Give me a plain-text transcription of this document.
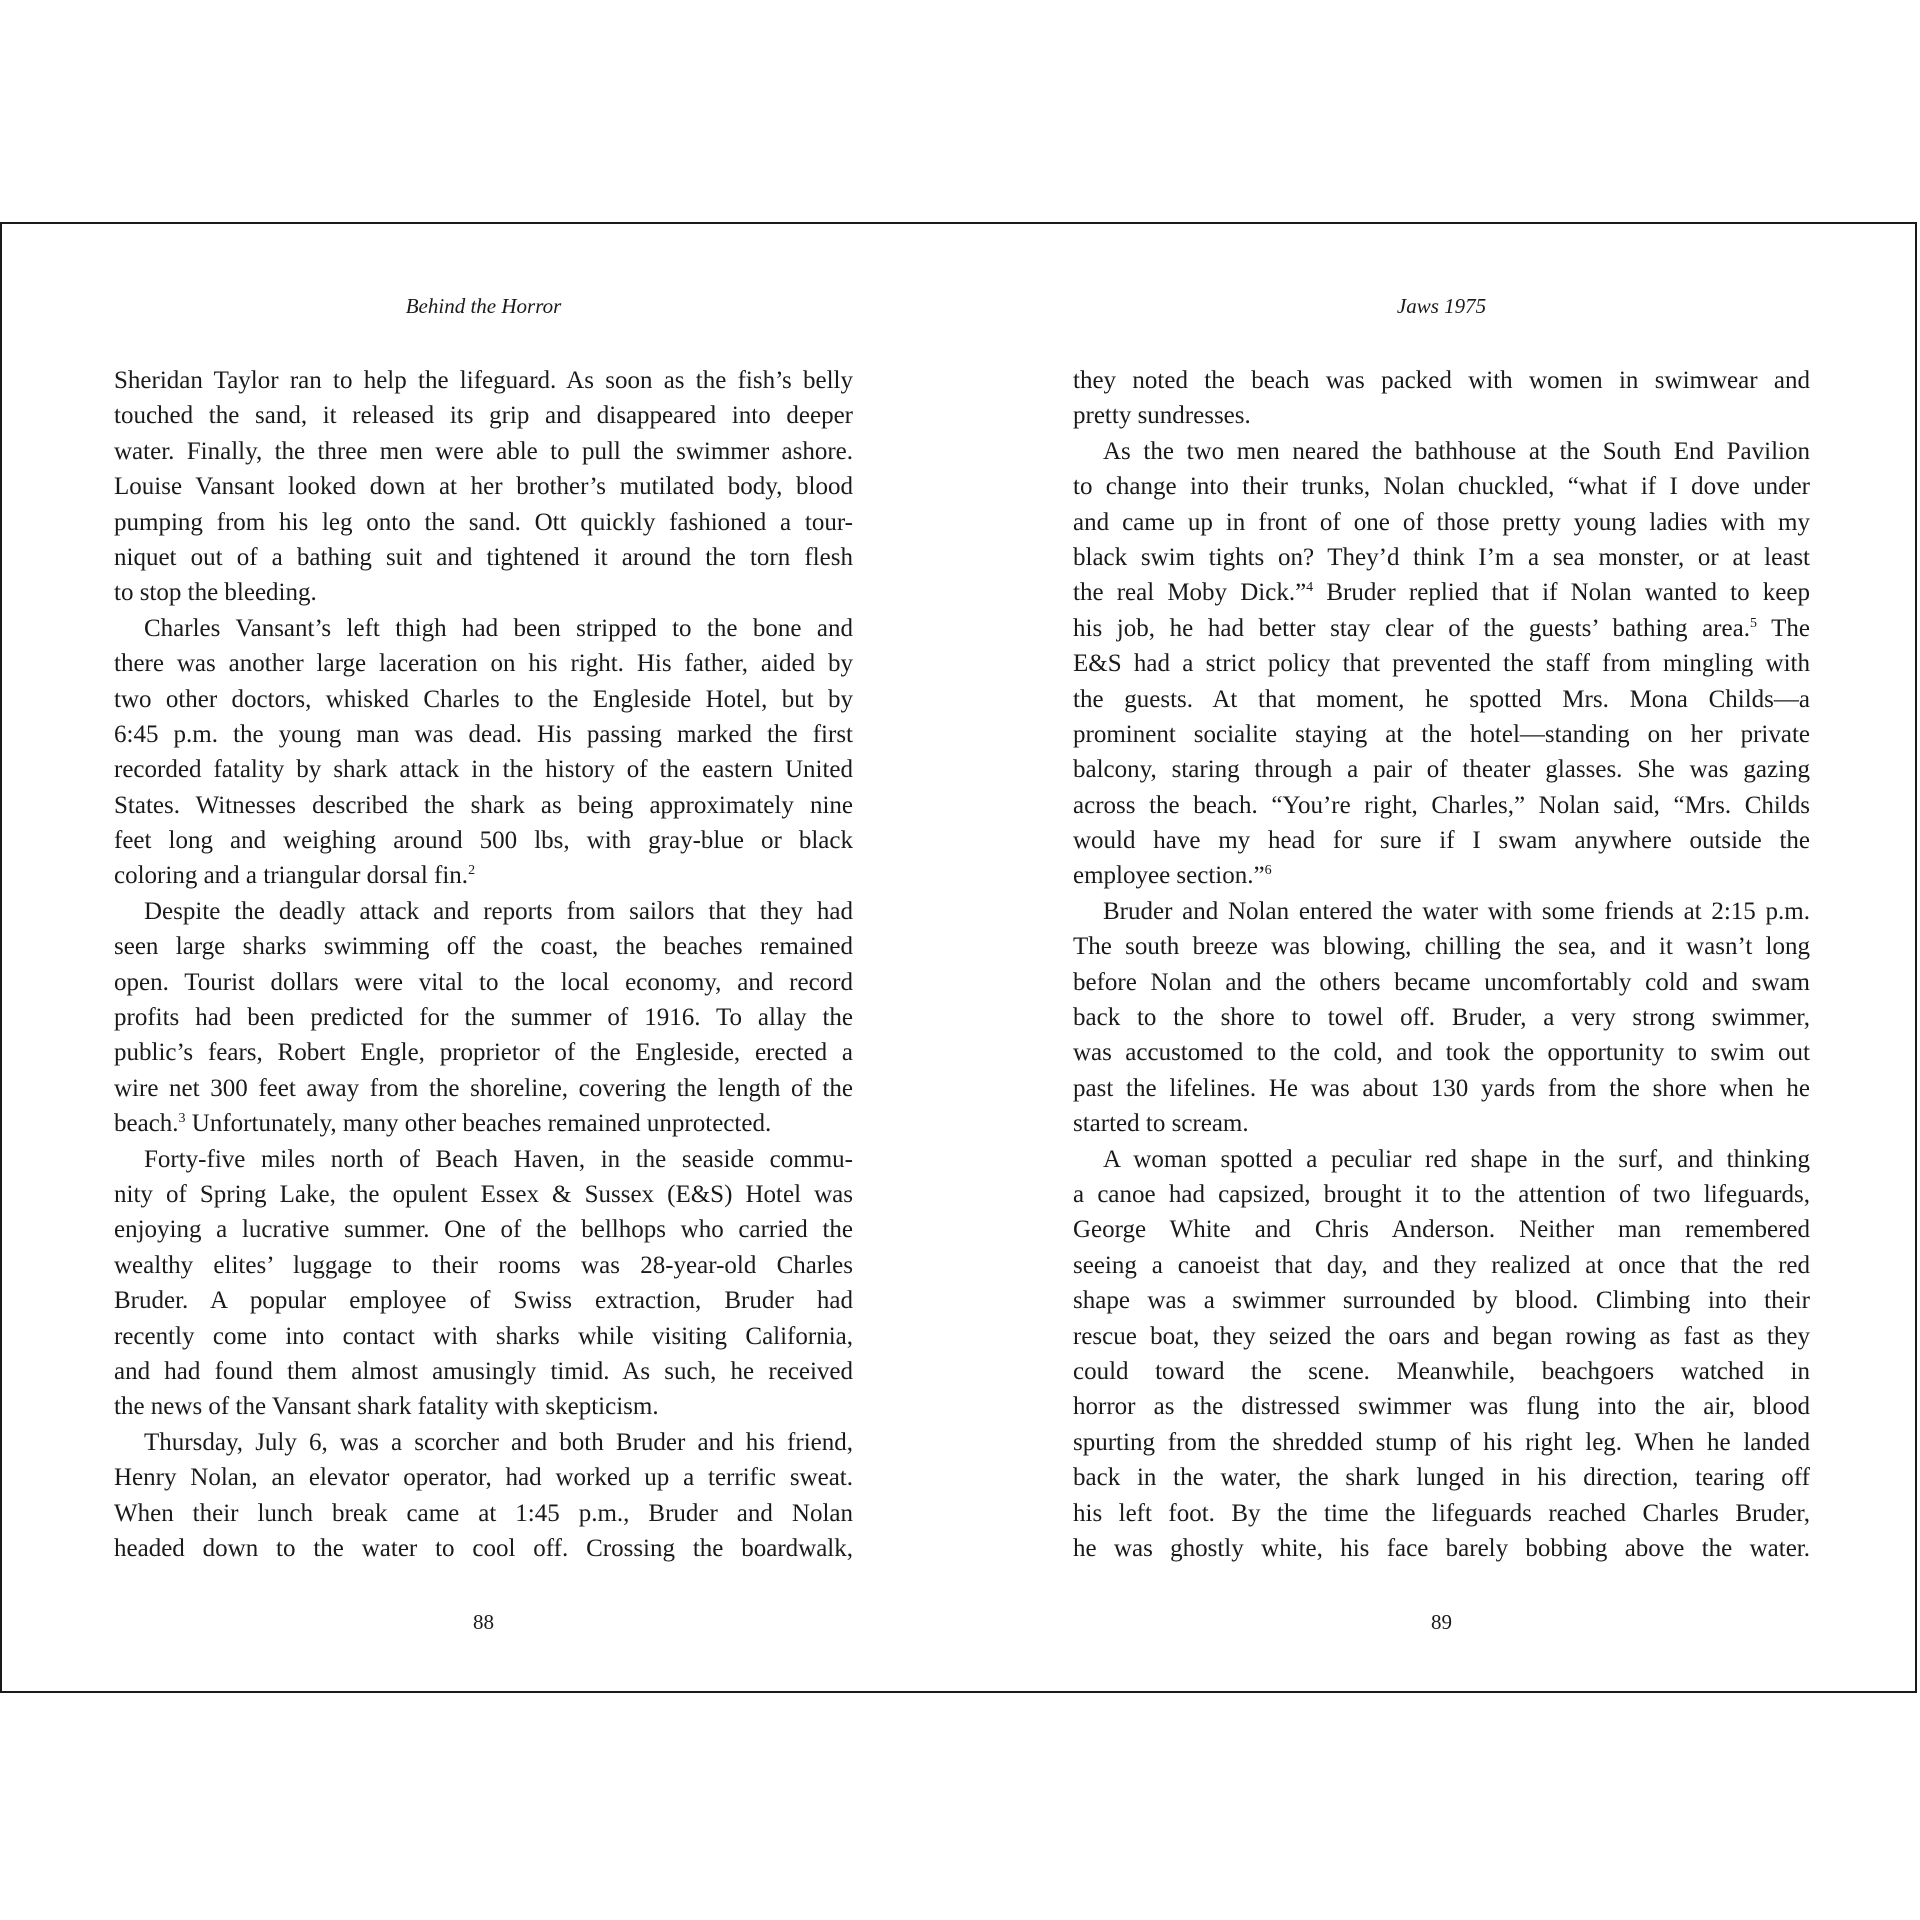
Behind the Horror

Sheridan Taylor ran to help the lifeguard. As soon as the fish’s belly
touched the sand, it released its grip and disappeared into deeper
water. Finally, the three men were able to pull the swimmer ashore.
Louise Vansant looked down at her brother’s mutilated body, blood
pumping from his leg onto the sand. Ott quickly fashioned a tour-
niquet out of a bathing suit and tightened it around the torn flesh
to stop the bleeding.
Charles Vansant’s left thigh had been stripped to the bone and
there was another large laceration on his right. His father, aided by
two other doctors, whisked Charles to the Engleside Hotel, but by
6:45 p.m. the young man was dead. His passing marked the first
recorded fatality by shark attack in the history of the eastern United
States. Witnesses described the shark as being approximately nine
feet long and weighing around 500 lbs, with gray-blue or black
coloring and a triangular dorsal fin.$^2$
Despite the deadly attack and reports from sailors that they had
seen large sharks swimming off the coast, the beaches remained
open. Tourist dollars were vital to the local economy, and record
profits had been predicted for the summer of 1916. To allay the
public’s fears, Robert Engle, proprietor of the Engleside, erected a
wire net 300 feet away from the shoreline, covering the length of the
beach.$^3$ Unfortunately, many other beaches remained unprotected.
Forty-five miles north of Beach Haven, in the seaside commu-
nity of Spring Lake, the opulent Essex & Sussex (E&S) Hotel was
enjoying a lucrative summer. One of the bellhops who carried the
wealthy elites’ luggage to their rooms was 28-year-old Charles
Bruder. A popular employee of Swiss extraction, Bruder had
recently come into contact with sharks while visiting California,
and had found them almost amusingly timid. As such, he received
the news of the Vansant shark fatality with skepticism.
Thursday, July 6, was a scorcher and both Bruder and his friend,
Henry Nolan, an elevator operator, had worked up a terrific sweat.
When their lunch break came at 1:45 p.m., Bruder and Nolan
headed down to the water to cool off. Crossing the boardwalk,

88

Jaws 1975

they noted the beach was packed with women in swimwear and
pretty sundresses.
As the two men neared the bathhouse at the South End Pavilion
to change into their trunks, Nolan chuckled, “what if I dove under
and came up in front of one of those pretty young ladies with my
black swim tights on? They’d think I’m a sea monster, or at least
the real Moby Dick.”$^4$ Bruder replied that if Nolan wanted to keep
his job, he had better stay clear of the guests’ bathing area.$^5$ The
E&S had a strict policy that prevented the staff from mingling with
the guests. At that moment, he spotted Mrs. Mona Childs—a
prominent socialite staying at the hotel—standing on her private
balcony, staring through a pair of theater glasses. She was gazing
across the beach. “You’re right, Charles,” Nolan said, “Mrs. Childs
would have my head for sure if I swam anywhere outside the
employee section.”$^6$
Bruder and Nolan entered the water with some friends at 2:15 p.m.
The south breeze was blowing, chilling the sea, and it wasn’t long
before Nolan and the others became uncomfortably cold and swam
back to the shore to towel off. Bruder, a very strong swimmer,
was accustomed to the cold, and took the opportunity to swim out
past the lifelines. He was about 130 yards from the shore when he
started to scream.
A woman spotted a peculiar red shape in the surf, and thinking
a canoe had capsized, brought it to the attention of two lifeguards,
George White and Chris Anderson. Neither man remembered
seeing a canoeist that day, and they realized at once that the red
shape was a swimmer surrounded by blood. Climbing into their
rescue boat, they seized the oars and began rowing as fast as they
could toward the scene. Meanwhile, beachgoers watched in
horror as the distressed swimmer was flung into the air, blood
spurting from the shredded stump of his right leg. When he landed
back in the water, the shark lunged in his direction, tearing off
his left foot. By the time the lifeguards reached Charles Bruder,
he was ghostly white, his face barely bobbing above the water.

89
